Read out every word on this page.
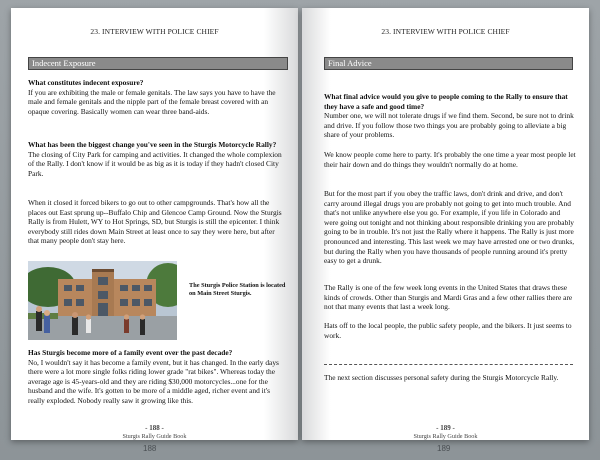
23. INTERVIEW WITH POLICE CHIEF
Indecent Exposure

What constitutes indecent exposure?

If you are exhibiting the male or female genitals. The law says you have to have the male and female genitals and the nipple part of the female breast covered with an opaque covering. Basically women can wear three band-aids.

What has been the biggest change you've seen in the Sturgis Motorcycle Rally?

The closing of City Park for camping and activities. It changed the whole complexion of the Rally. I don't know if it would be as big as it is today if they hadn't closed City Park.

When it closed it forced bikers to go out to other campgrounds. That's how all the places out East sprung up--Buffalo Chip and Glencoe Camp Ground. Now the Sturgis Rally is from Hulett, WY to Hot Springs, SD, but Sturgis is still the epicenter. I think everybody still rides down Main Street at least once to say they were here, but after that many people don't stay here.

The Sturgis Police Station is located on Main Street Sturgis.

Has Sturgis become more of a family event over the past decade?

No, I wouldn't say it has become a family event, but it has changed. In the early days there were a lot more single folks riding lower grade "rat bikes". Whereas today the average age is 45-years-old and they are riding $30,000 motorcycles...one for the husband and the wife. It's gotten to be more of a middle aged, richer event and it's really exploded. Nobody really saw it growing like this.

- 188 -
Sturgis Rally Guide Book
23. INTERVIEW WITH POLICE CHIEF
Final Advice

What final advice would you give to people coming to the Rally to ensure that they have a safe and good time?

Number one, we will not tolerate drugs if we find them. Second, be sure not to drink and drive. If you follow those two things you are probably going to alleviate a big share of your problems.

We know people come here to party. It's probably the one time a year most people let their hair down and do things they wouldn't normally do at home.

But for the most part if you obey the traffic laws, don't drink and drive, and don't carry around illegal drugs you are probably not going to get into much trouble. And that's not unlike anywhere else you go. For example, if you life in Colorado and were going out tonight and not thinking about responsible drinking you are probably going to be in trouble. It's not just the Rally where it happens. The Rally is just more pronounced and interesting. This last week we may have arrested one or two drunks, but during the Rally when you have thousands of people running around it's pretty easy to get a drunk.

The Rally is one of the few week long events in the United States that draws these kinds of crowds. Other than Sturgis and Mardi Gras and a few other rallies there are not that many events that last a week long.

Hats off to the local people, the public safety people, and the bikers. It just seems to work.

The next section discusses personal safety during the Sturgis Motorcycle Rally.

- 189 -
Sturgis Rally Guide Book
188	189
